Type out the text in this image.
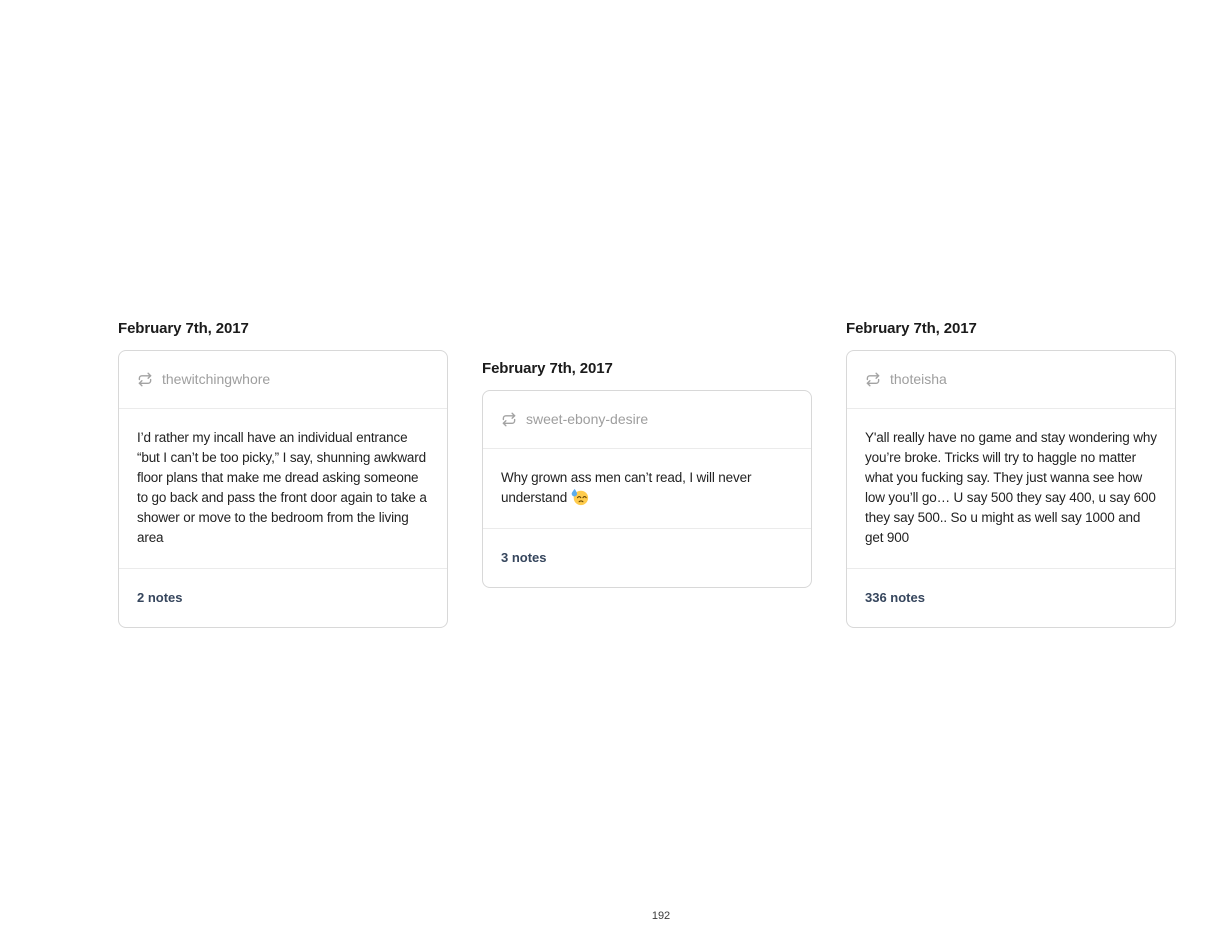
February 7th, 2017
thewitchingwhore

I’d rather my incall have an individual entrance “but I can’t be too picky,” I say, shunning awkward floor plans that make me dread asking someone to go back and pass the front door again to take a shower or move to the bedroom from the living area

2 notes
February 7th, 2017
sweet-ebony-desire

Why grown ass men can’t read, I will never understand

3 notes
February 7th, 2017
thoteisha

Y'all really have no game and stay wondering why you’re broke. Tricks will try to haggle no matter what you fucking say. They just wanna see how low you’ll go… U say 500 they say 400, u say 600 they say 500.. So u might as well say 1000 and get 900

336 notes
192
